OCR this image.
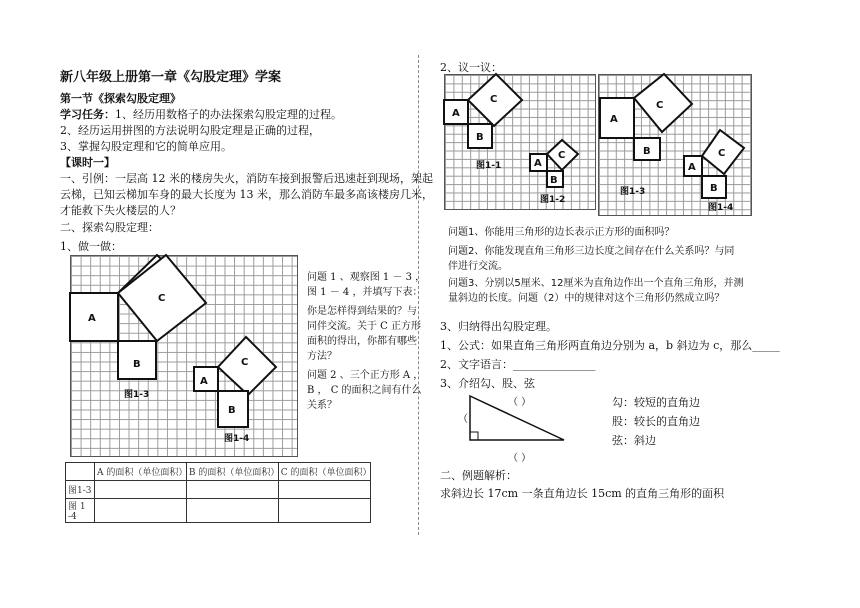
新八年级上册第一章《勾股定理》学案
第一节《探索勾股定理》
学习任务：1、经历用数格子的办法探索勾股定理的过程。
2、经历运用拼图的方法说明勾股定理是正确的过程，
3、掌握勾股定理和它的简单应用。
【课时一】
一、引例：一层高 12 米的楼房失火，消防车接到报警后迅速赶到现场，架起
云梯，已知云梯加车身的最大长度为 13 米，那么消防车最多高该楼房几米，
才能救下失火楼层的人？
二、探索勾股定理：
1、做一做：
A
C
B
图1-3
A
C
B
图1-4
问题 1 、观察图 1 － 3 ，
图 1 － 4 ，并填写下表：
你是怎样得到结果的？与
同伴交流。关于 C 正方形
面积的得出，你都有哪些
方法？
问题 2 、三个正方形 A ，
B ， C 的面积之间有什么
关系？
	A 的面积（单位面积）	B 的面积（单位面积）	C 的面积（单位面积）
图1-3			
图 1 -4			
2、议一议：
A
C
B
图1-1	A
C
B
图1-2
A
C
B
图1-3
A
C
B
图1-4
问题1、你能用三角形的边长表示正方形的面积吗？
问题2、你能发现直角三角形三边长度之间存在什么关系吗？与同
伴进行交流。
问题3、分别以5厘米、12厘米为直角边作出一个直角三角形，并测
量斜边的长度。问题（2）中的规律对这个三角形仍然成立吗？
3、归纳得出勾股定理。
1、公式：如果直角三角形两直角边分别为 a，b 斜边为 c，那么_____
2、文字语言：_______________
3、介绍勾、股、弦
（ ）
（
（ ）
勾：较短的直角边
股：较长的直角边
弦：斜边
二、例题解析：
求斜边长 17cm 一条直角边长 15cm 的直角三角形的面积
